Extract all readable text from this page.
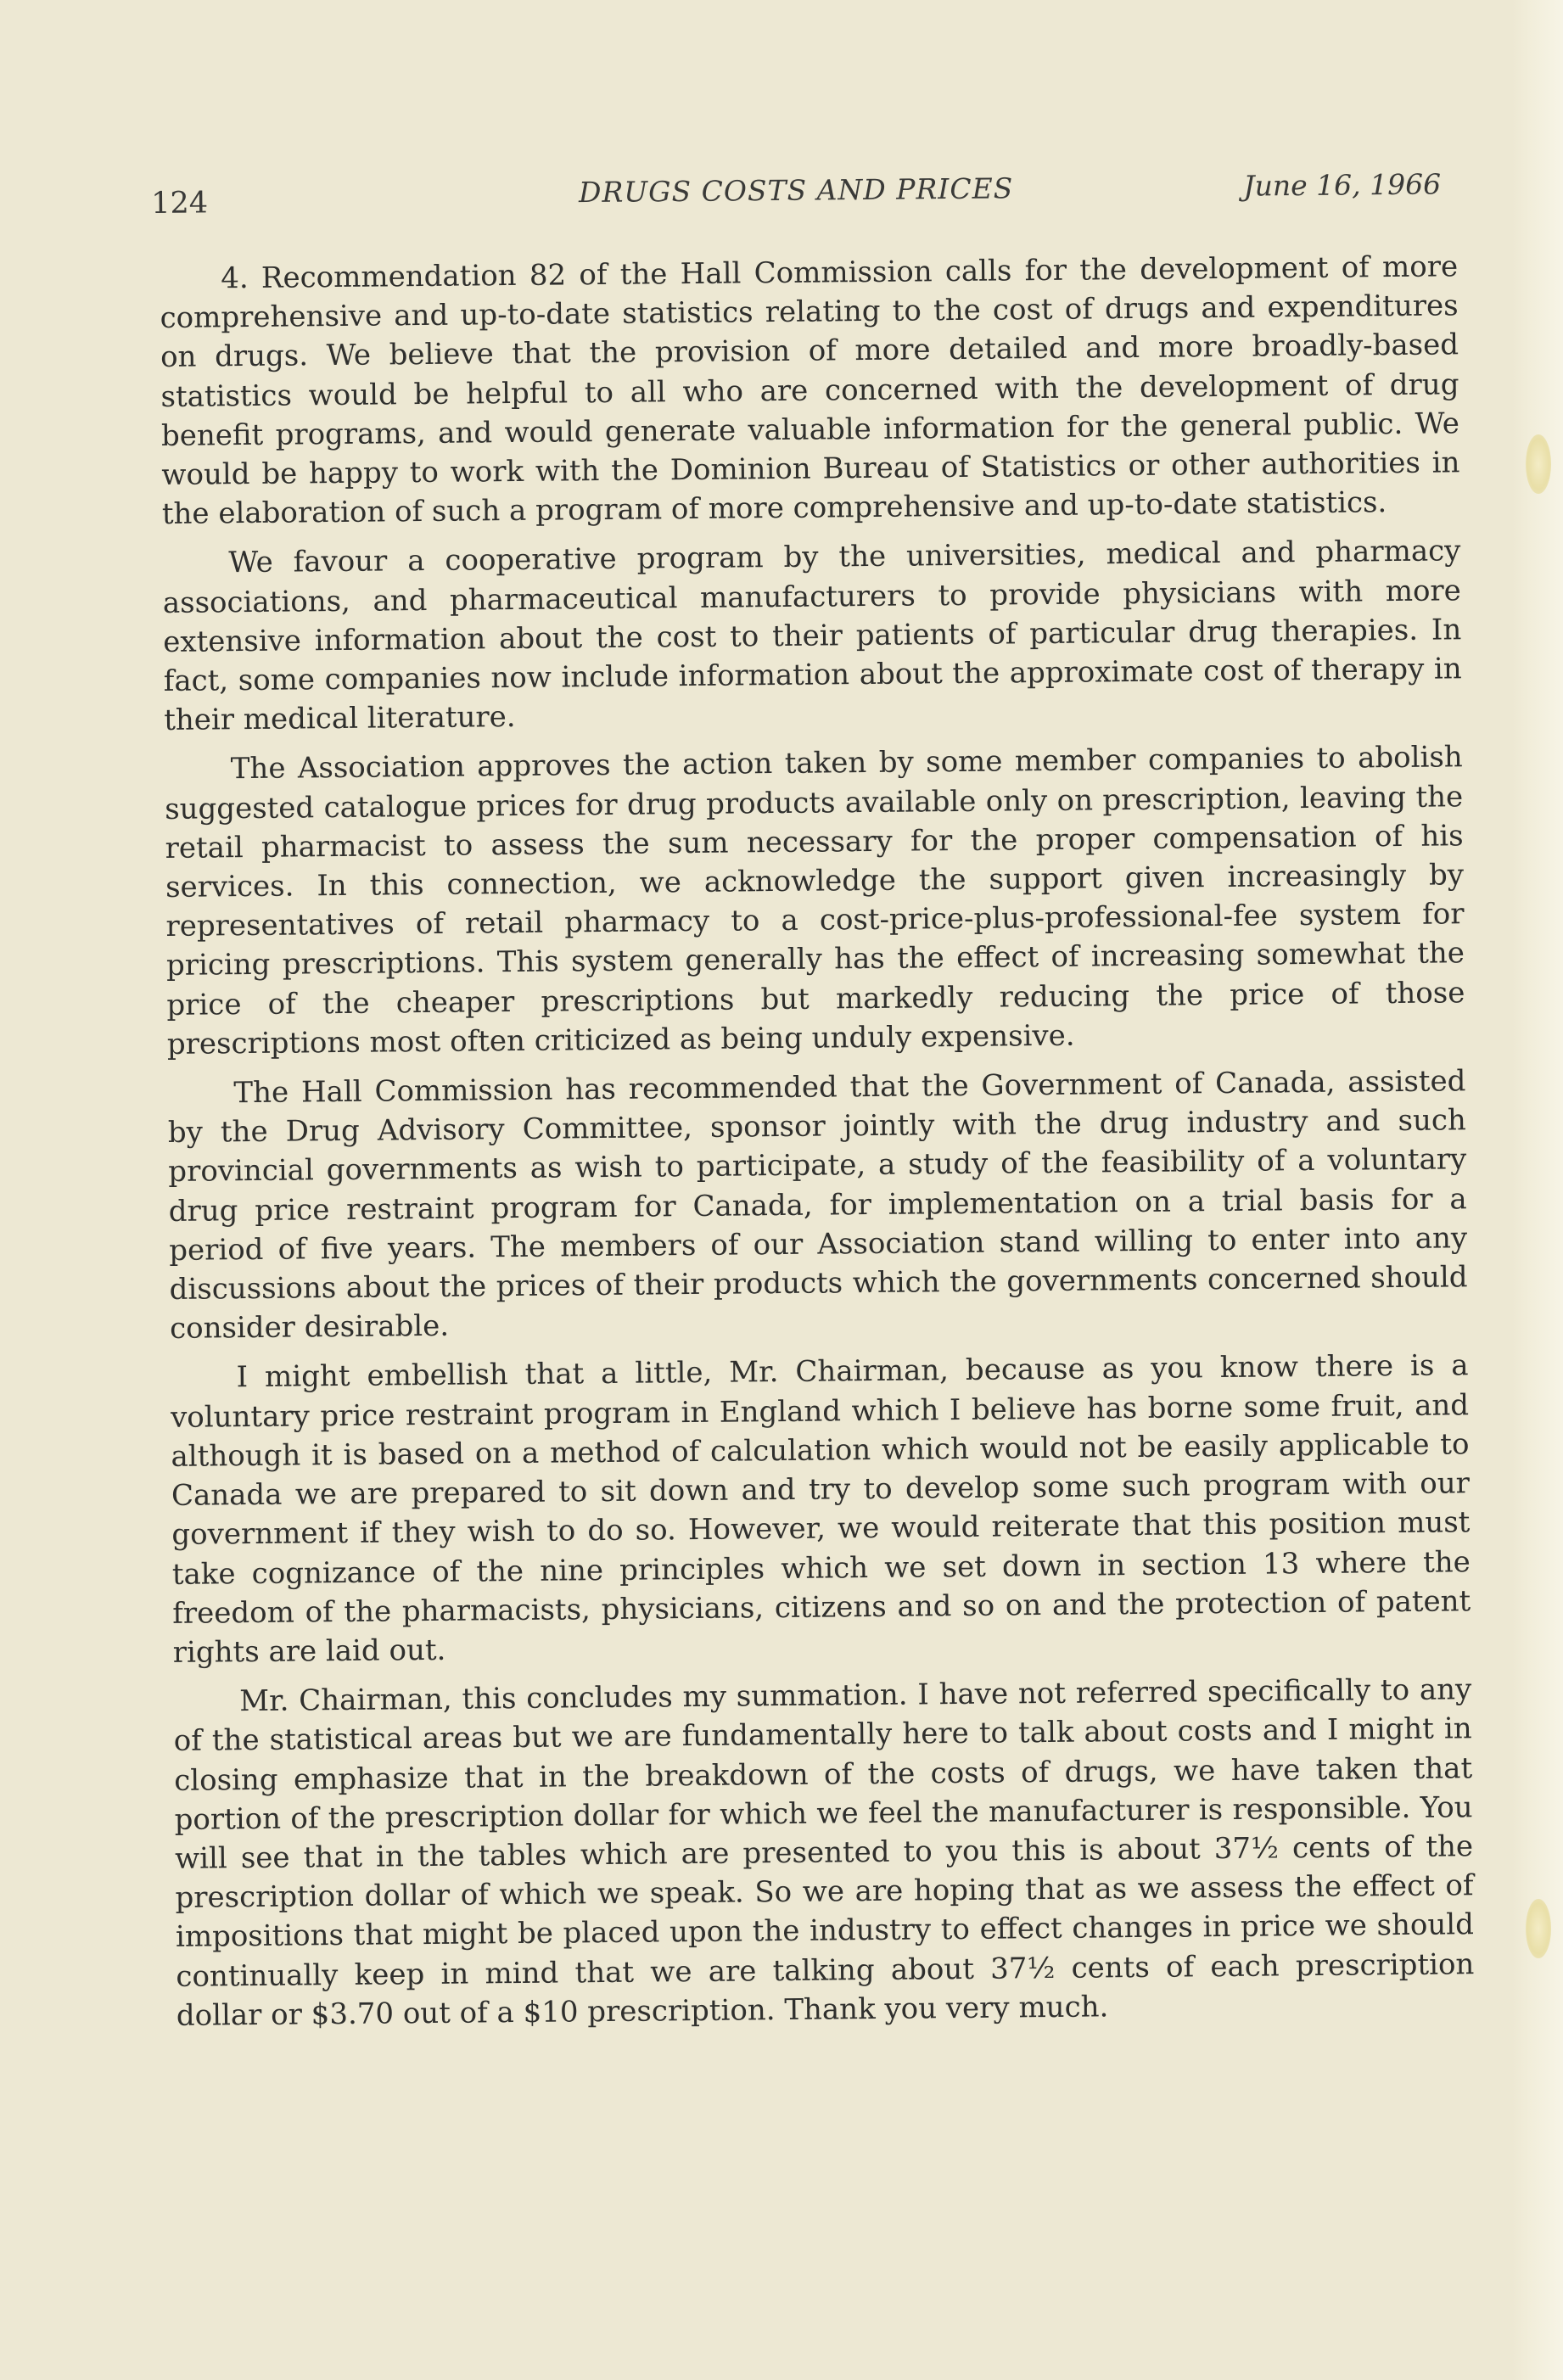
124	DRUGS COSTS AND PRICES	June 16, 1966

4. Recommendation 82 of the Hall Commission calls for the development of more comprehensive and up-to-date statistics relating to the cost of drugs and expenditures on drugs. We believe that the provision of more detailed and more broadly-based statistics would be helpful to all who are concerned with the development of drug benefit programs, and would generate valuable information for the general public. We would be happy to work with the Dominion Bureau of Statistics or other authorities in the elaboration of such a program of more comprehensive and up-to-date statistics.

We favour a cooperative program by the universities, medical and pharmacy associations, and pharmaceutical manufacturers to provide physicians with more extensive information about the cost to their patients of particular drug therapies. In fact, some companies now include information about the approximate cost of therapy in their medical literature.

The Association approves the action taken by some member companies to abolish suggested catalogue prices for drug products available only on prescription, leaving the retail pharmacist to assess the sum necessary for the proper compensation of his services. In this connection, we acknowledge the support given increasingly by representatives of retail pharmacy to a cost-price-plus-professional-fee system for pricing prescriptions. This system generally has the effect of increasing somewhat the price of the cheaper prescriptions but markedly reducing the price of those prescriptions most often criticized as being unduly expensive.

The Hall Commission has recommended that the Government of Canada, assisted by the Drug Advisory Committee, sponsor jointly with the drug industry and such provincial governments as wish to participate, a study of the feasibility of a voluntary drug price restraint program for Canada, for implementation on a trial basis for a period of five years. The members of our Association stand willing to enter into any discussions about the prices of their products which the governments concerned should consider desirable.

I might embellish that a little, Mr. Chairman, because as you know there is a voluntary price restraint program in England which I believe has borne some fruit, and although it is based on a method of calculation which would not be easily applicable to Canada we are prepared to sit down and try to develop some such program with our government if they wish to do so. However, we would reiterate that this position must take cognizance of the nine principles which we set down in section 13 where the freedom of the pharmacists, physicians, citizens and so on and the protection of patent rights are laid out.

Mr. Chairman, this concludes my summation. I have not referred specifically to any of the statistical areas but we are fundamentally here to talk about costs and I might in closing emphasize that in the breakdown of the costs of drugs, we have taken that portion of the prescription dollar for which we feel the manufacturer is responsible. You will see that in the tables which are presented to you this is about 37½ cents of the prescription dollar of which we speak. So we are hoping that as we assess the effect of impositions that might be placed upon the industry to effect changes in price we should continually keep in mind that we are talking about 37½ cents of each prescription dollar or $3.70 out of a $10 prescription. Thank you very much.
